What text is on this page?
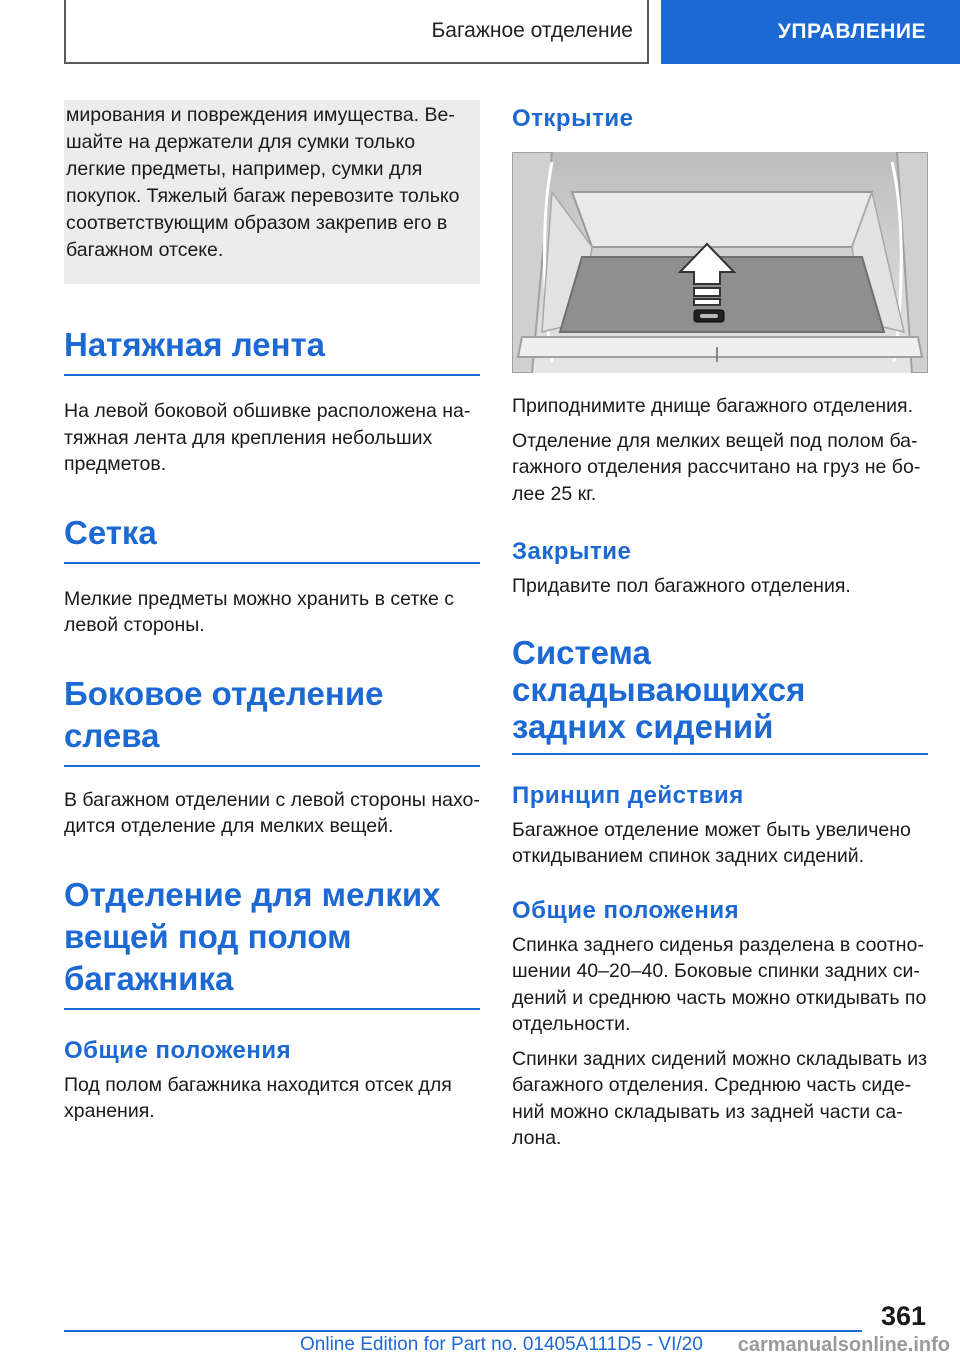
Багажное отделение	УПРАВЛЕНИЕ
мирования и повреждения имущества. Вешайте на держатели для сумки только легкие предметы, например, сумки для покупок. Тяжелый багаж перевозите только соответствующим образом закрепив его в багажном отсеке.
Натяжная лента

На левой боковой обшивке расположена натяжная лента для крепления небольших предметов.

Сетка

Мелкие предметы можно хранить в сетке с левой стороны.

Боковое отделение слева

В багажном отделении с левой стороны находится отделение для мелких вещей.

Отделение для мелких вещей под полом багажника
Общие положения

Под полом багажника находится отсек для хранения.

Открытие

Приподнимите днище багажного отделения.

Отделение для мелких вещей под полом багажного отделения рассчитано на груз не более 25 кг.

Закрытие

Придавите пол багажного отделения.

Система складывающихся задних сидений
Принцип действия

Багажное отделение может быть увеличено откидыванием спинок задних сидений.

Общие положения

Спинка заднего сиденья разделена в соотношении 40–20–40. Боковые спинки задних сидений и среднюю часть можно откидывать по отдельности.

Спинки задних сидений можно складывать из багажного отделения. Среднюю часть сидений можно складывать из задней части салона.

361
Online Edition for Part no. 01405A111D5 - VI/20 carmanualsonline.info
